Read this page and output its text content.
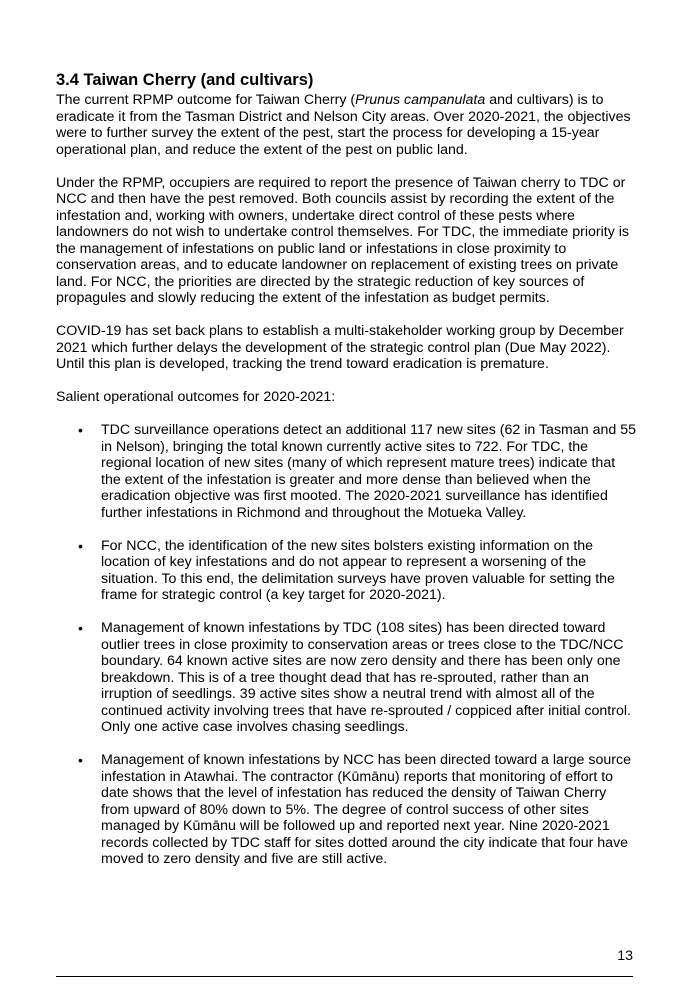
3.4 Taiwan Cherry (and cultivars)

The current RPMP outcome for Taiwan Cherry (Prunus campanulata and cultivars) is to eradicate it from the Tasman District and Nelson City areas. Over 2020-2021, the objectives were to further survey the extent of the pest, start the process for developing a 15-year operational plan, and reduce the extent of the pest on public land.

Under the RPMP, occupiers are required to report the presence of Taiwan cherry to TDC or NCC and then have the pest removed. Both councils assist by recording the extent of the infestation and, working with owners, undertake direct control of these pests where landowners do not wish to undertake control themselves. For TDC, the immediate priority is the management of infestations on public land or infestations in close proximity to conservation areas, and to educate landowner on replacement of existing trees on private land. For NCC, the priorities are directed by the strategic reduction of key sources of propagules and slowly reducing the extent of the infestation as budget permits.

COVID-19 has set back plans to establish a multi-stakeholder working group by December 2021 which further delays the development of the strategic control plan (Due May 2022). Until this plan is developed, tracking the trend toward eradication is premature.

Salient operational outcomes for 2020-2021:

• TDC surveillance operations detect an additional 117 new sites (62 in Tasman and 55 in Nelson), bringing the total known currently active sites to 722. For TDC, the regional location of new sites (many of which represent mature trees) indicate that the extent of the infestation is greater and more dense than believed when the eradication objective was first mooted. The 2020-2021 surveillance has identified further infestations in Richmond and throughout the Motueka Valley.
• For NCC, the identification of the new sites bolsters existing information on the location of key infestations and do not appear to represent a worsening of the situation. To this end, the delimitation surveys have proven valuable for setting the frame for strategic control (a key target for 2020-2021).
• Management of known infestations by TDC (108 sites) has been directed toward outlier trees in close proximity to conservation areas or trees close to the TDC/NCC boundary. 64 known active sites are now zero density and there has been only one breakdown. This is of a tree thought dead that has re-sprouted, rather than an irruption of seedlings. 39 active sites show a neutral trend with almost all of the continued activity involving trees that have re-sprouted / coppiced after initial control. Only one active case involves chasing seedlings.
• Management of known infestations by NCC has been directed toward a large source infestation in Atawhai. The contractor (Kūmānu) reports that monitoring of effort to date shows that the level of infestation has reduced the density of Taiwan Cherry from upward of 80% down to 5%. The degree of control success of other sites managed by Kūmānu will be followed up and reported next year. Nine 2020-2021 records collected by TDC staff for sites dotted around the city indicate that four have moved to zero density and five are still active.
13
